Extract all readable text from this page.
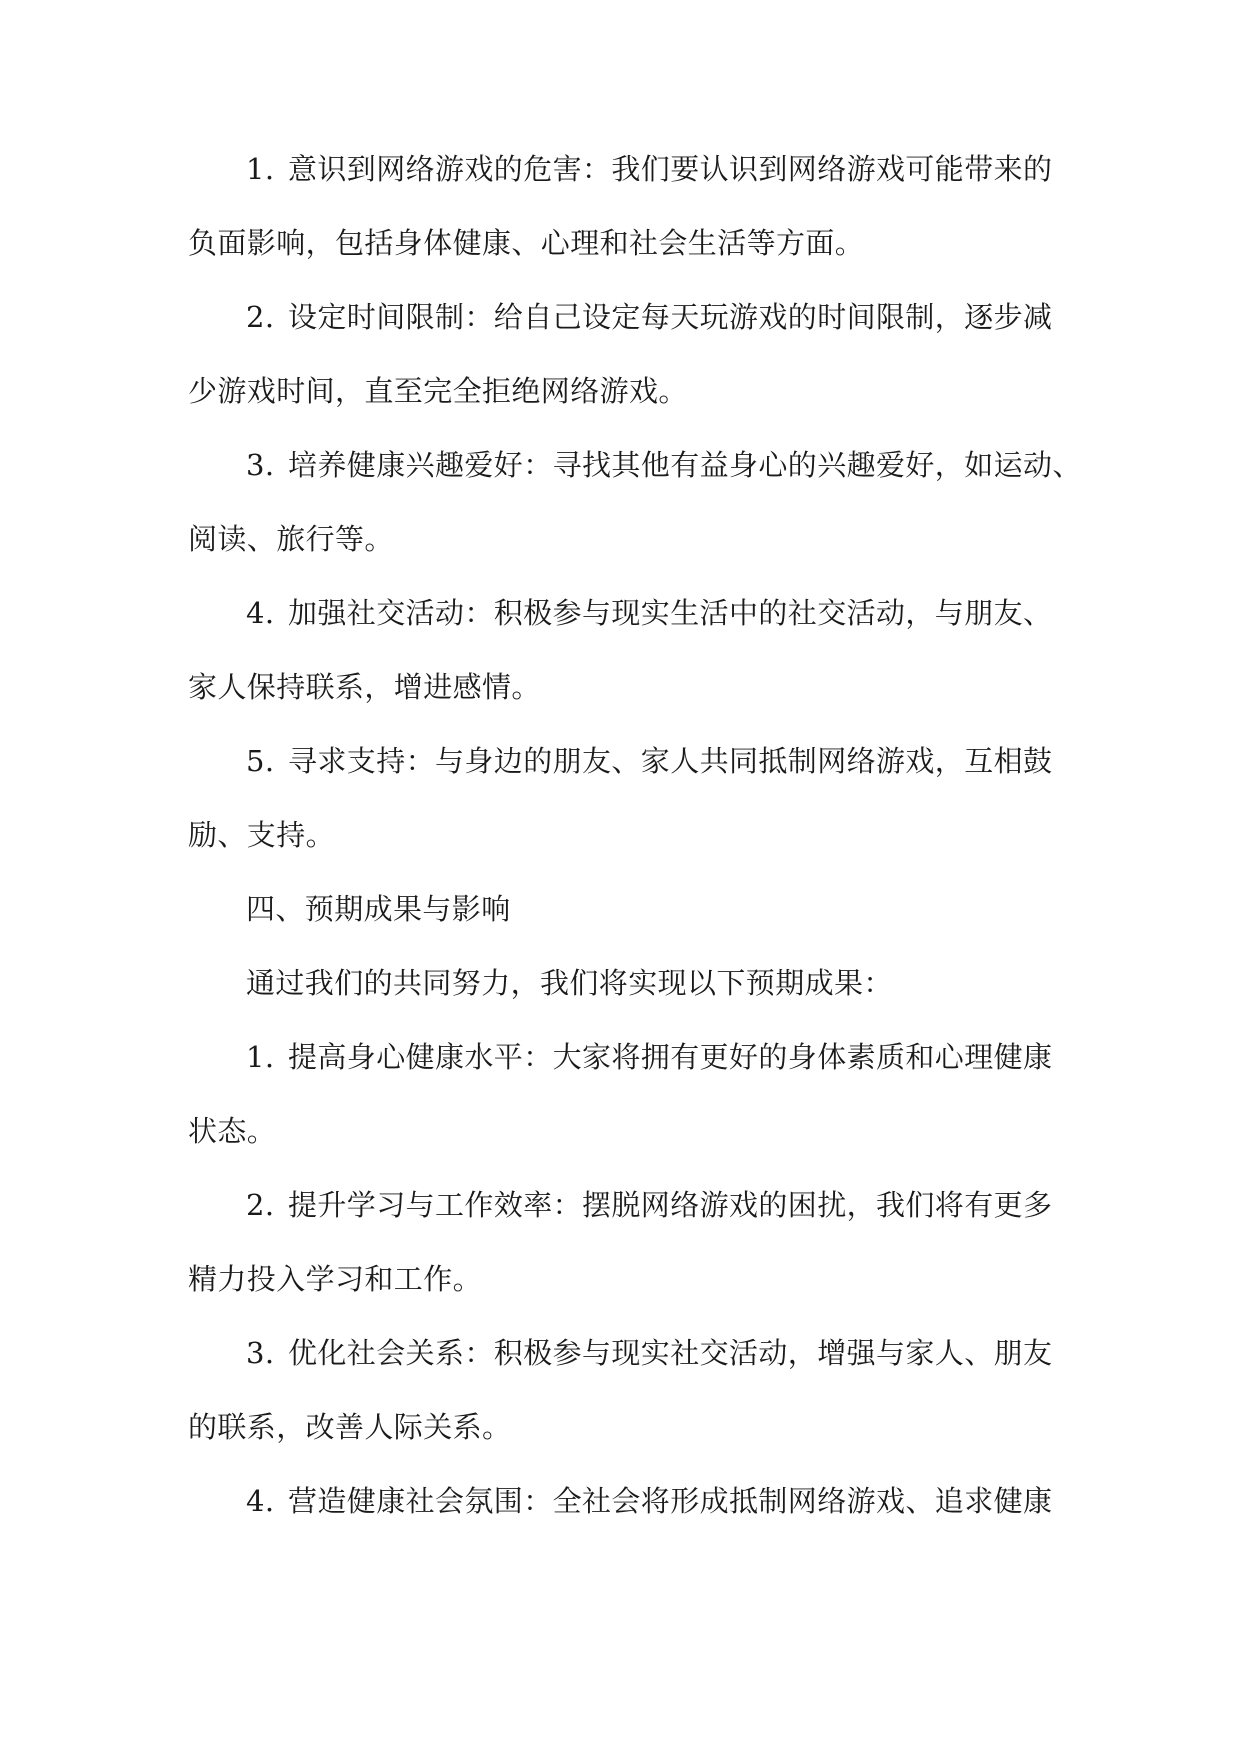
1. 意识到网络游戏的危害：我们要认识到网络游戏可能带来的

负面影响，包括身体健康、心理和社会生活等方面。

2. 设定时间限制：给自己设定每天玩游戏的时间限制，逐步减

少游戏时间，直至完全拒绝网络游戏。

3. 培养健康兴趣爱好：寻找其他有益身心的兴趣爱好，如运动、

阅读、旅行等。

4. 加强社交活动：积极参与现实生活中的社交活动，与朋友、

家人保持联系，增进感情。

5. 寻求支持：与身边的朋友、家人共同抵制网络游戏，互相鼓

励、支持。

四、预期成果与影响

通过我们的共同努力，我们将实现以下预期成果：

1. 提高身心健康水平：大家将拥有更好的身体素质和心理健康

状态。

2. 提升学习与工作效率：摆脱网络游戏的困扰，我们将有更多

精力投入学习和工作。

3. 优化社会关系：积极参与现实社交活动，增强与家人、朋友

的联系，改善人际关系。

4. 营造健康社会氛围：全社会将形成抵制网络游戏、追求健康
